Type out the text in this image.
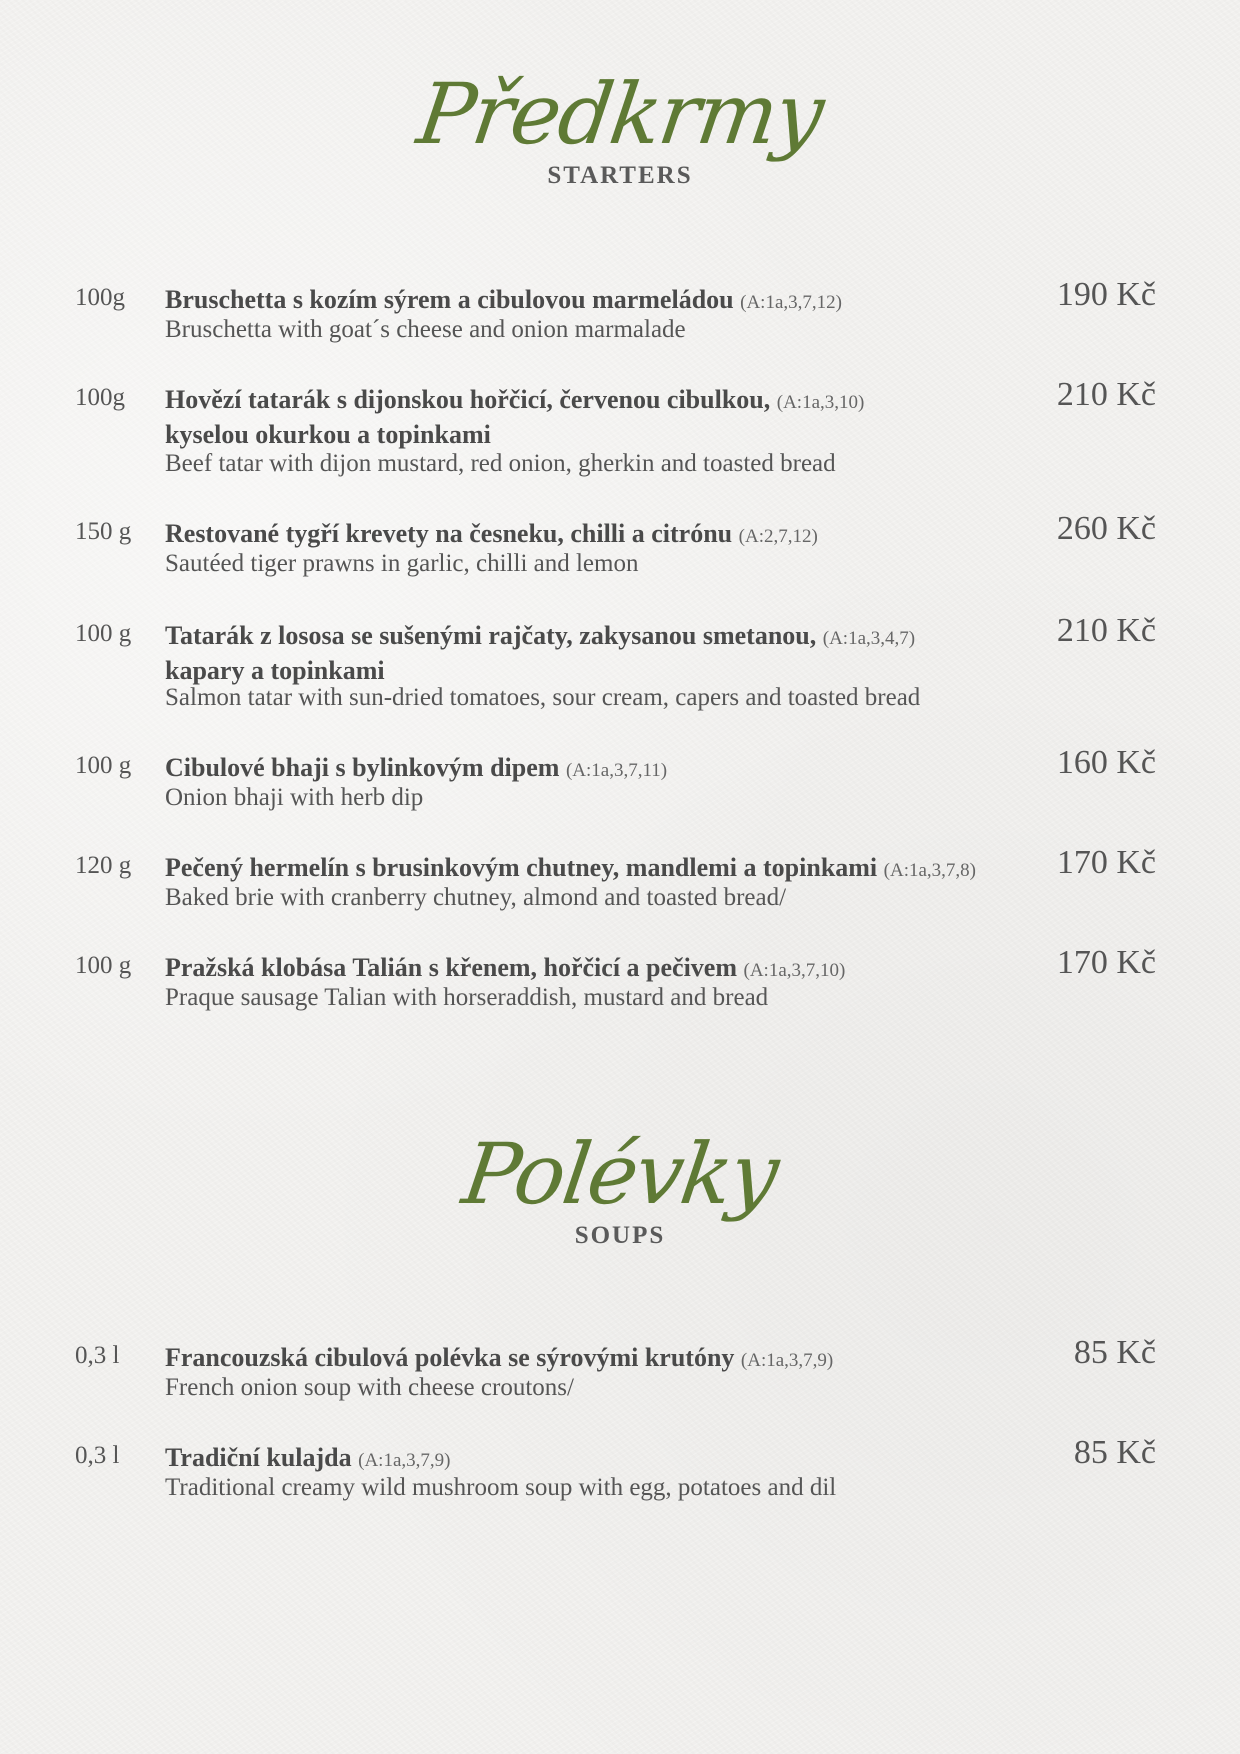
Předkrmy
STARTERS
100g Bruschetta s kozím sýrem a cibulovou marmeládou (A:1a,3,7,12)
Bruschetta with goat´s cheese and onion marmalade
190 Kč
100g Hovězí tatarák s dijonskou hořčicí, červenou cibulkou, (A:1a,3,10)
kyselou okurkou a topinkami
Beef tatar with dijon mustard, red onion, gherkin and toasted bread
210 Kč
150 g Restované tygří krevety na česneku, chilli a citrónu (A:2,7,12)
Sautéed tiger prawns in garlic, chilli and lemon
260 Kč
100 g Tatarák z lososa se sušenými rajčaty, zakysanou smetanou, (A:1a,3,4,7)
kapary a topinkami
Salmon tatar with sun-dried tomatoes, sour cream, capers and toasted bread
210 Kč
100 g Cibulové bhaji s bylinkovým dipem (A:1a,3,7,11)
Onion bhaji with herb dip
160 Kč
120 g Pečený hermelín s brusinkovým chutney, mandlemi a topinkami (A:1a,3,7,8)
Baked brie with cranberry chutney, almond and toasted bread/
170 Kč
100 g Pražská klobása Talián s křenem, hořčicí a pečivem (A:1a,3,7,10)
Praque sausage Talian with horseraddish, mustard and bread
170 Kč
Polévky
SOUPS
0,3 l Francouzská cibulová polévka se sýrovými krutóny (A:1a,3,7,9)
French onion soup with cheese croutons/
85 Kč
0,3 l Tradiční kulajda (A:1a,3,7,9)
Traditional creamy wild mushroom soup with egg, potatoes and dil
85 Kč
